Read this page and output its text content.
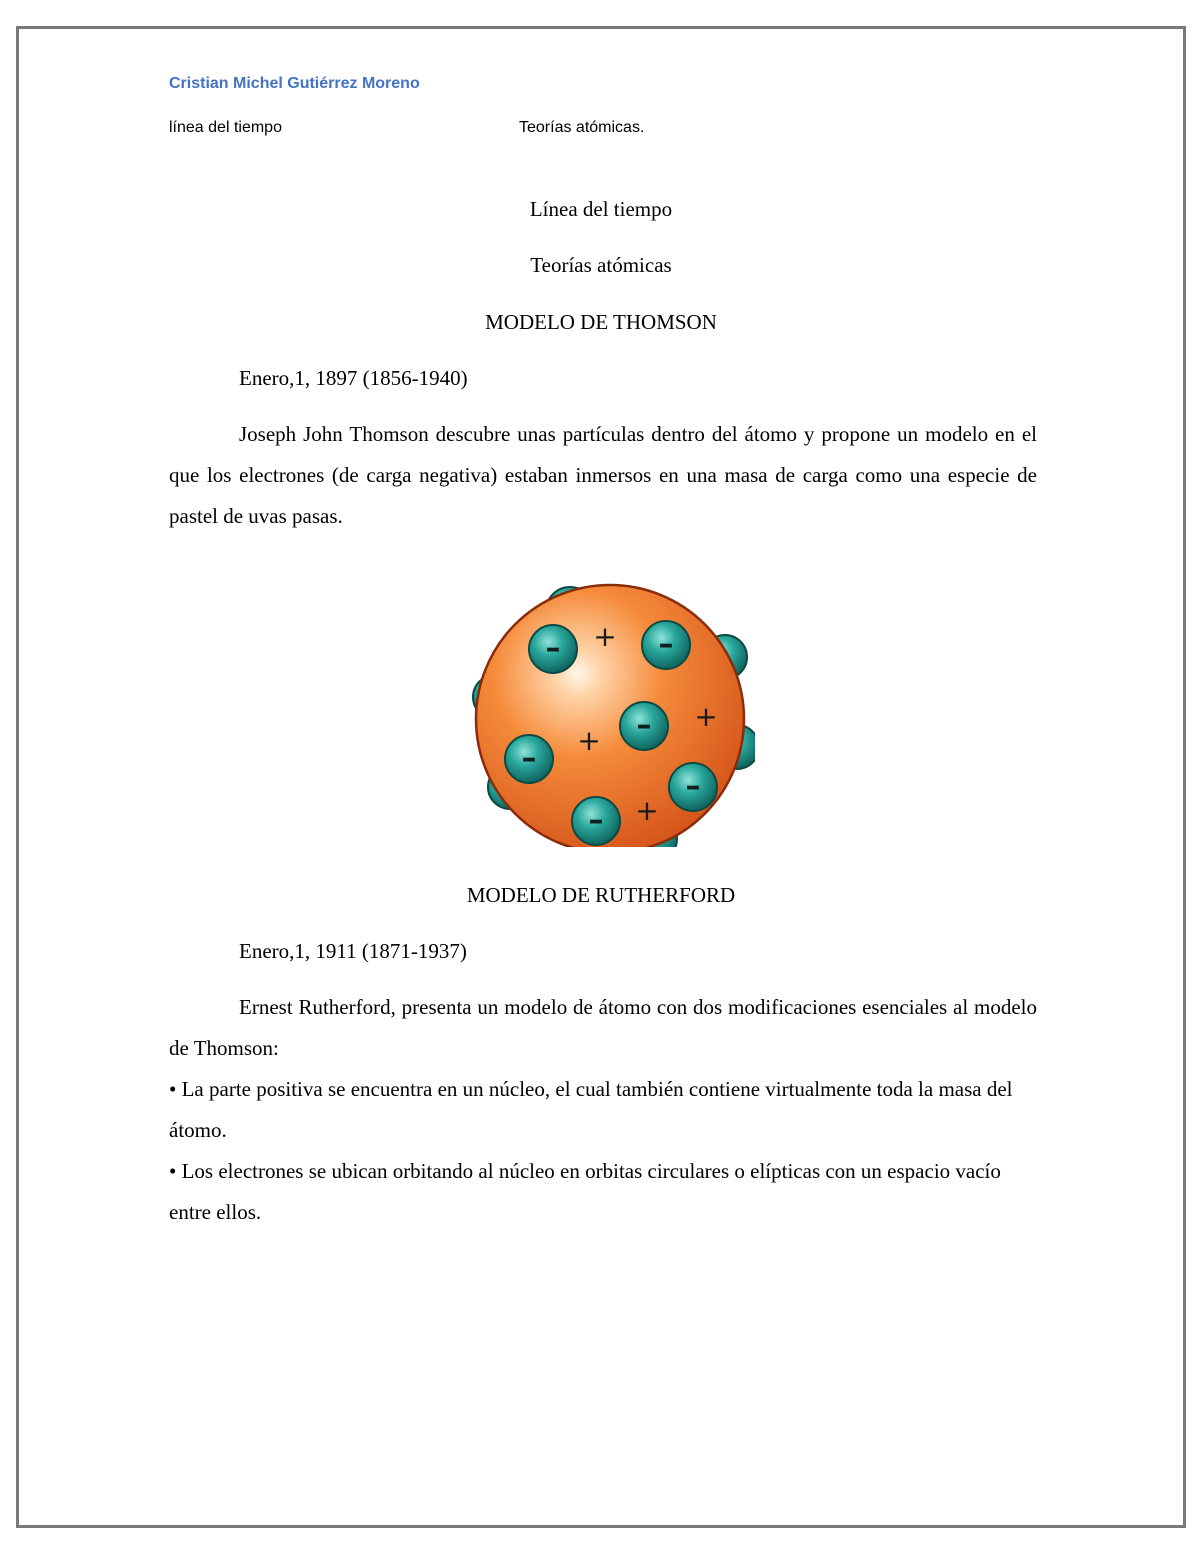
Cristian Michel Gutiérrez Moreno
línea del tiempo	Teorías atómicas.
Línea del tiempo
Teorías atómicas
MODELO DE THOMSON
Enero,1, 1897 (1856-1940)
Joseph John Thomson descubre unas partículas dentro del átomo y propone un modelo en el que los electrones (de carga negativa) estaban inmersos en una masa de carga como una especie de pastel de uvas pasas.
–	–
–
–
–
–
+
+
+
+
MODELO DE RUTHERFORD
Enero,1, 1911 (1871-1937)
Ernest Rutherford, presenta un modelo de átomo con dos modificaciones esenciales al modelo de Thomson:
• La parte positiva se encuentra en un núcleo, el cual también contiene virtualmente toda la masa del átomo.
• Los electrones se ubican orbitando al núcleo en orbitas circulares o elípticas con un espacio vacío entre ellos.
